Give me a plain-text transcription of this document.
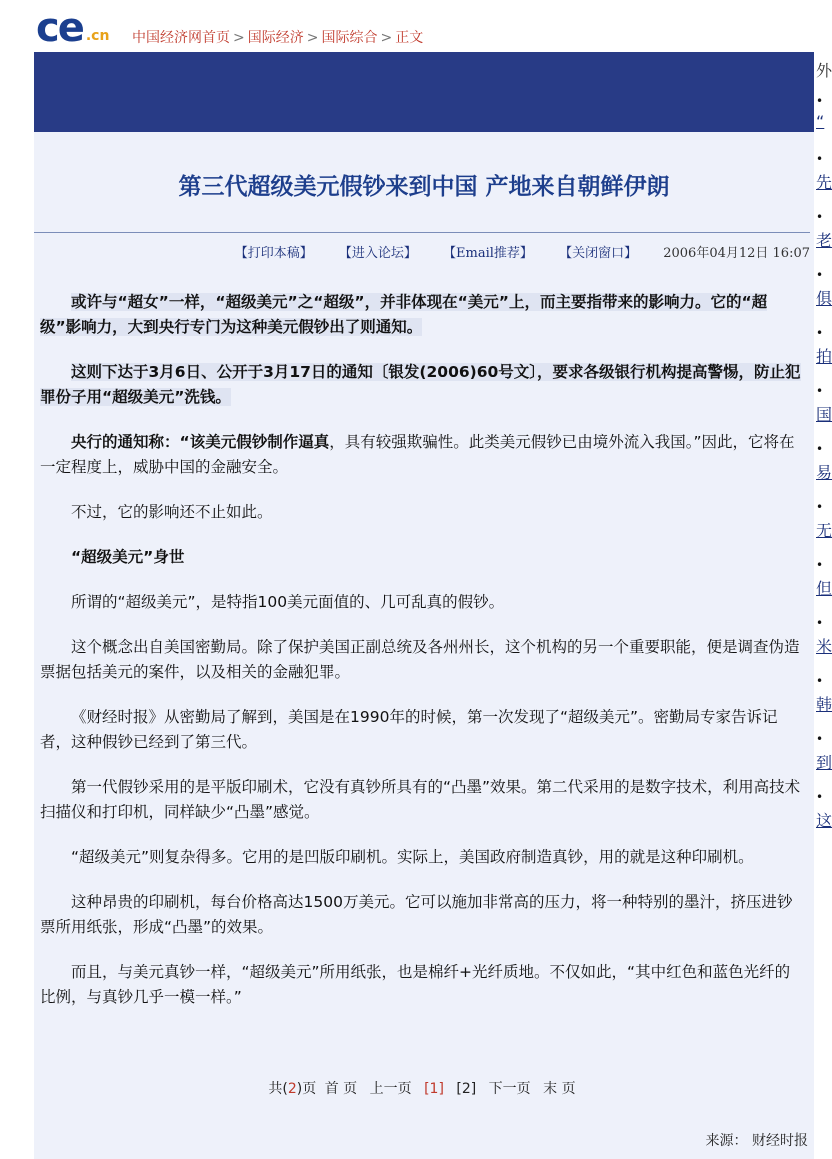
ce .cn 中国经济网首页 > 国际经济 > 国际综合 > 正文
第三代超级美元假钞来到中国 产地来自朝鲜伊朗
【打印本稿】 【进入论坛】 【Email推荐】 【关闭窗口】 2006年04月12日 16:07

或许与“超女”一样，“超级美元”之“超级”，并非体现在“美元”上，而主要指带来的影响力。它的“超级”影响力，大到央行专门为这种美元假钞出了则通知。

这则下达于3月6日、公开于3月17日的通知〔银发(2006)60号文〕，要求各级银行机构提高警惕，防止犯罪份子用“超级美元”洗钱。

央行的通知称：“该美元假钞制作逼真，具有较强欺骗性。此类美元假钞已由境外流入我国。”因此，它将在一定程度上，威胁中国的金融安全。

不过，它的影响还不止如此。

“超级美元”身世

所谓的“超级美元”，是特指100美元面值的、几可乱真的假钞。

这个概念出自美国密勤局。除了保护美国正副总统及各州州长，这个机构的另一个重要职能，便是调查伪造票据包括美元的案件，以及相关的金融犯罪。

《财经时报》从密勤局了解到，美国是在1990年的时候，第一次发现了“超级美元”。密勤局专家告诉记者，这种假钞已经到了第三代。

第一代假钞采用的是平版印刷术，它没有真钞所具有的“凸墨”效果。第二代采用的是数字技术，利用高技术扫描仪和打印机，同样缺少“凸墨”感觉。

“超级美元”则复杂得多。它用的是凹版印刷机。实际上，美国政府制造真钞，用的就是这种印刷机。

这种昂贵的印刷机，每台价格高达1500万美元。它可以施加非常高的压力，将一种特别的墨汁，挤压进钞票所用纸张，形成“凸墨”的效果。

而且，与美元真钞一样，“超级美元”所用纸张，也是棉纤+光纤质地。不仅如此，“其中红色和蓝色光纤的比例，与真钞几乎一模一样。”

共(2)页 首 页 上一页 [1] [2] 下一页 末 页
来源： 财经时报
外
•
“
•
先
•
老
•
俱
•
拍
•
国
•
易
•
无
•
但
•
米
•
韩
•
到
•
这
